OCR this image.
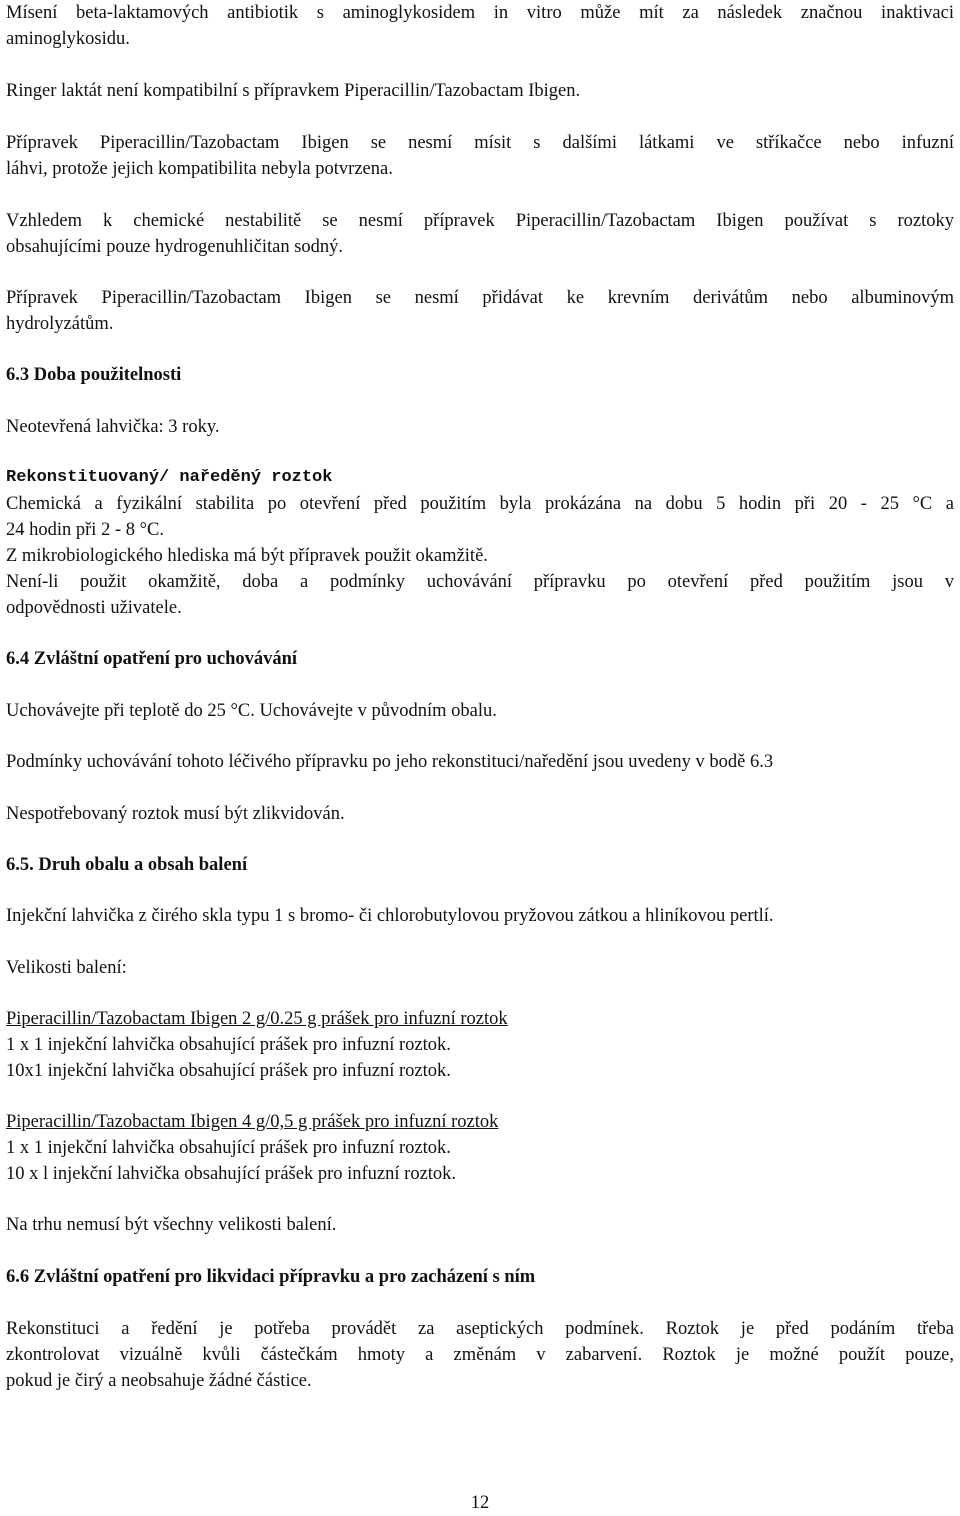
Mísení beta-laktamových antibiotik s aminoglykosidem in vitro může mít za následek značnou inaktivaci
aminoglykosidu.
Ringer laktát není kompatibilní s přípravkem Piperacillin/Tazobactam Ibigen.
Přípravek Piperacillin/Tazobactam Ibigen se nesmí mísit s dalšími látkami ve stříkačce nebo infuzní
láhvi, protože jejich kompatibilita nebyla potvrzena.
Vzhledem k chemické nestabilitě se nesmí přípravek Piperacillin/Tazobactam Ibigen používat s roztoky
obsahujícími pouze hydrogenuhličitan sodný.
Přípravek Piperacillin/Tazobactam Ibigen se nesmí přidávat ke krevním derivátům nebo albuminovým
hydrolyzátům.
6.3 Doba použitelnosti
Neotevřená lahvička: 3 roky.
Rekonstituovaný/ naředěný roztok
Chemická a fyzikální stabilita po otevření před použitím byla prokázána na dobu 5 hodin při 20 - 25 °C a
24 hodin při 2 - 8 °C.
Z mikrobiologického hlediska má být přípravek použit okamžitě.
Není-li použit okamžitě, doba a podmínky uchovávání přípravku po otevření před použitím jsou v
odpovědnosti uživatele.
6.4 Zvláštní opatření pro uchovávání
Uchovávejte při teplotě do 25 °C. Uchovávejte v původním obalu.
Podmínky uchovávání tohoto léčivého přípravku po jeho rekonstituci/naředění jsou uvedeny v bodě 6.3
Nespotřebovaný roztok musí být zlikvidován.
6.5. Druh obalu a obsah balení
Injekční lahvička z čirého skla typu 1 s bromo- či chlorobutylovou pryžovou zátkou a hliníkovou pertlí.
Velikosti balení:
Piperacillin/Tazobactam Ibigen 2 g/0.25 g prášek pro infuzní roztok
1 x 1 injekční lahvička obsahující prášek pro infuzní roztok.
10x1 injekční lahvička obsahující prášek pro infuzní roztok.
Piperacillin/Tazobactam Ibigen 4 g/0,5 g prášek pro infuzní roztok
1 x 1 injekční lahvička obsahující prášek pro infuzní roztok.
10 x l injekční lahvička obsahující prášek pro infuzní roztok.
Na trhu nemusí být všechny velikosti balení.
6.6 Zvláštní opatření pro likvidaci přípravku a pro zacházení s ním
Rekonstituci a ředění je potřeba provádět za aseptických podmínek. Roztok je před podáním třeba
zkontrolovat vizuálně kvůli částečkám hmoty a změnám v zabarvení. Roztok je možné použít pouze,
pokud je čirý a neobsahuje žádné částice.
12
